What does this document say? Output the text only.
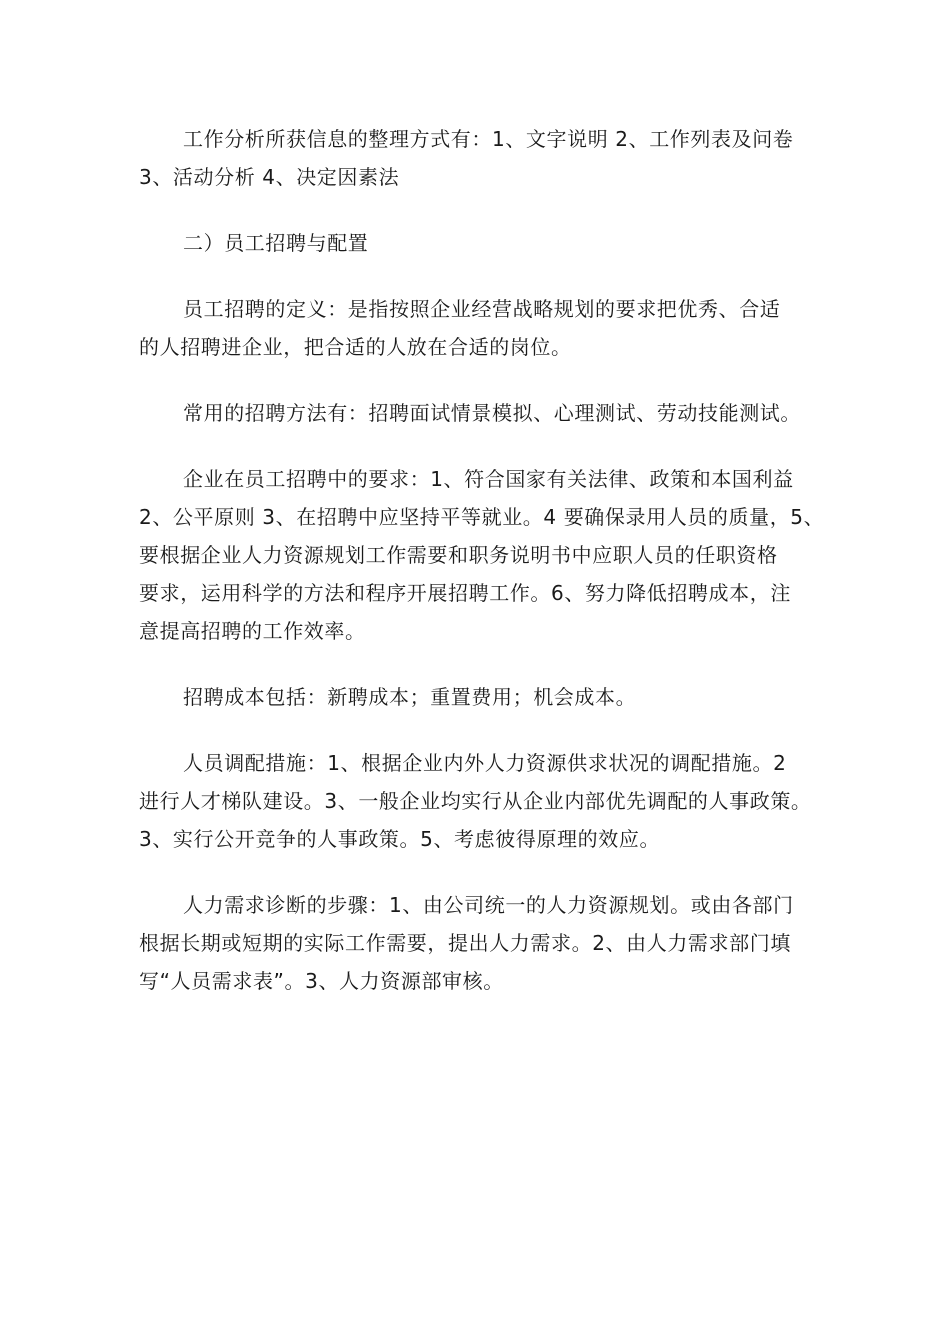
工作分析所获信息的整理方式有：1、文字说明 2、工作列表及问卷
3、活动分析 4、决定因素法
二）员工招聘与配置
员工招聘的定义：是指按照企业经营战略规划的要求把优秀、合适
的人招聘进企业，把合适的人放在合适的岗位。
常用的招聘方法有：招聘面试情景模拟、心理测试、劳动技能测试。
企业在员工招聘中的要求：1、符合国家有关法律、政策和本国利益
2、公平原则 3、在招聘中应坚持平等就业。4 要确保录用人员的质量，5、
要根据企业人力资源规划工作需要和职务说明书中应职人员的任职资格
要求，运用科学的方法和程序开展招聘工作。6、努力降低招聘成本，注
意提高招聘的工作效率。
招聘成本包括：新聘成本；重置费用；机会成本。
人员调配措施：1、根据企业内外人力资源供求状况的调配措施。2
进行人才梯队建设。3、一般企业均实行从企业内部优先调配的人事政策。
3、实行公开竞争的人事政策。5、考虑彼得原理的效应。
人力需求诊断的步骤：1、由公司统一的人力资源规划。或由各部门
根据长期或短期的实际工作需要，提出人力需求。2、由人力需求部门填
写“人员需求表”。3、人力资源部审核。
